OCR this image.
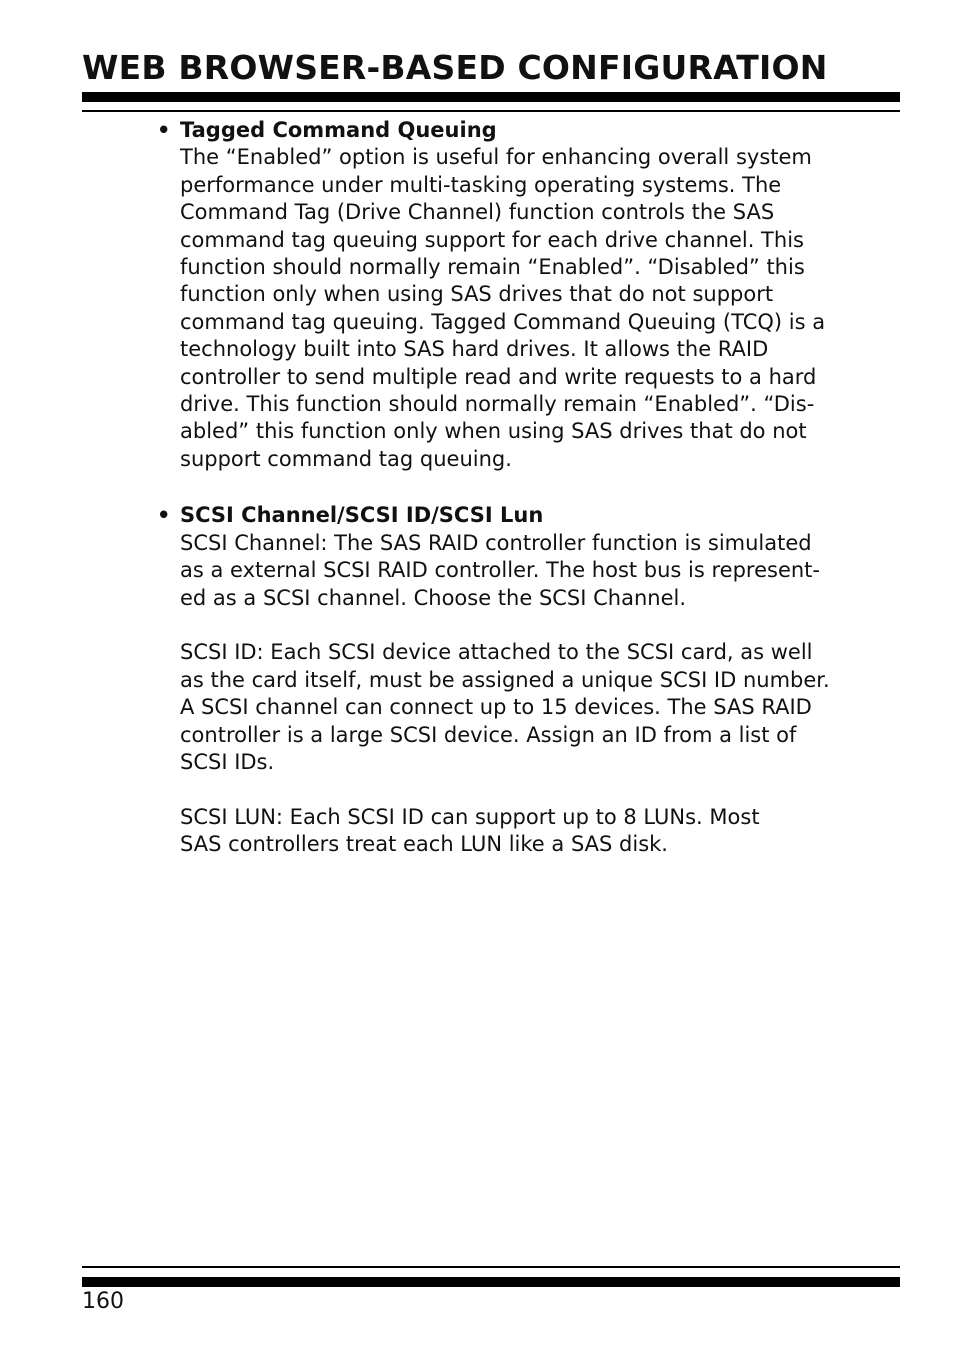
WEB BROWSER-BASED CONFIGURATION
• Tagged Command Queuing

The “Enabled” option is useful for enhancing overall system
performance under multi-tasking operating systems. The
Command Tag (Drive Channel) function controls the SAS
command tag queuing support for each drive channel. This
function should normally remain “Enabled”. “Disabled” this
function only when using SAS drives that do not support
command tag queuing. Tagged Command Queuing (TCQ) is a
technology built into SAS hard drives. It allows the RAID
controller to send multiple read and write requests to a hard
drive. This function should normally remain “Enabled”. “Dis-
abled” this function only when using SAS drives that do not
support command tag queuing.

• SCSI Channel/SCSI ID/SCSI Lun

SCSI Channel: The SAS RAID controller function is simulated
as a external SCSI RAID controller. The host bus is represent-
ed as a SCSI channel. Choose the SCSI Channel.

SCSI ID: Each SCSI device attached to the SCSI card, as well
as the card itself, must be assigned a unique SCSI ID number.
A SCSI channel can connect up to 15 devices. The SAS RAID
controller is a large SCSI device. Assign an ID from a list of
SCSI IDs.

SCSI LUN: Each SCSI ID can support up to 8 LUNs. Most
SAS controllers treat each LUN like a SAS disk.

160
